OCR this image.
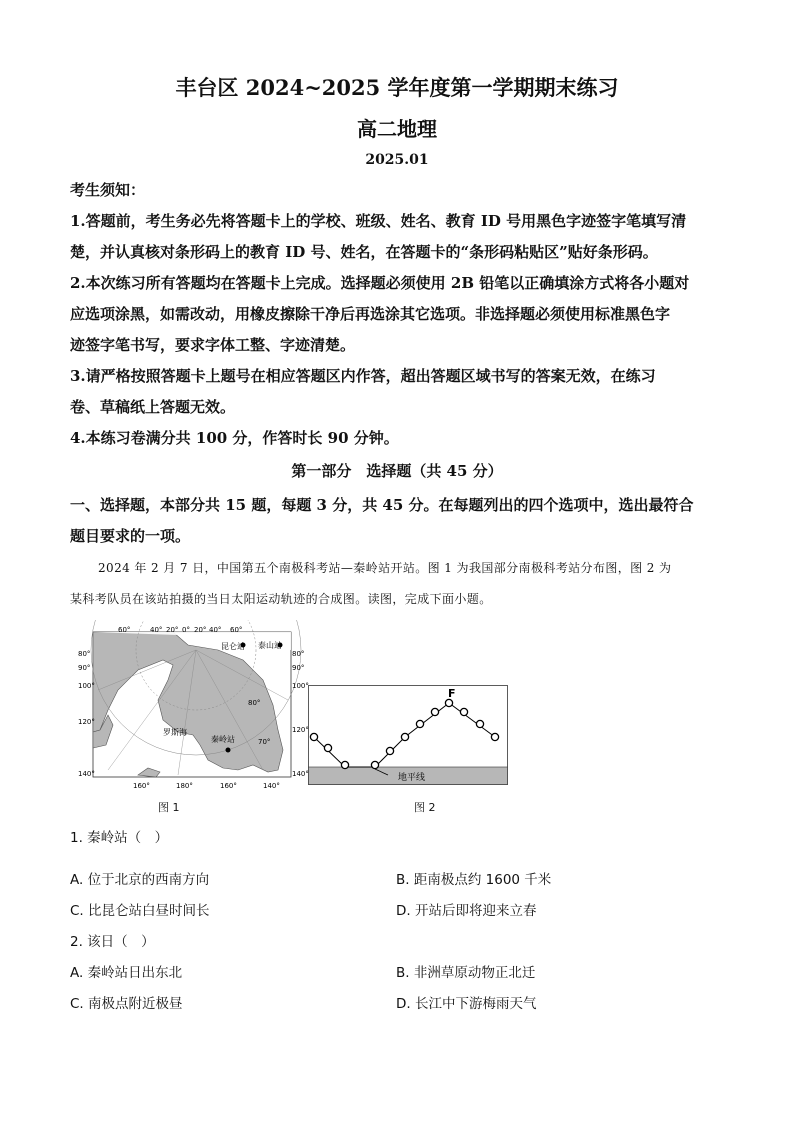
丰台区 2024~2025 学年度第一学期期末练习
高二地理
2025.01

考生须知：

1.答题前，考生务必先将答题卡上的学校、班级、姓名、教育 ID 号用黑色字迹签字笔填写清

楚，并认真核对条形码上的教育 ID 号、姓名，在答题卡的“条形码粘贴区”贴好条形码。

2.本次练习所有答题均在答题卡上完成。选择题必须使用 2B 铅笔以正确填涂方式将各小题对

应选项涂黑，如需改动，用橡皮擦除干净后再选涂其它选项。非选择题必须使用标准黑色字

迹签字笔书写，要求字体工整、字迹清楚。

3.请严格按照答题卡上题号在相应答题区内作答，超出答题区域书写的答案无效，在练习

卷、草稿纸上答题无效。

4.本练习卷满分共 100 分，作答时长 90 分钟。

第一部分　选择题（共 45 分）
一、选择题，本部分共 15 题，每题 3 分，共 45 分。在每题列出的四个选项中，选出最符合
题目要求的一项。
2024 年 2 月 7 日，中国第五个南极科考站—秦岭站开站。图 1 为我国部分南极科考站分布图，图 2 为
某科考队员在该站拍摄的当日太阳运动轨迹的合成图。读图，完成下面小题。
昆仑站 泰山站
秦岭站
罗斯海
60°	40° 20° 0° 20° 40° 60°
80°
90°
100°
120°
140°
80°
90°
100°
120°
140°
160°	180°	160°	140°
80°
70°
图 1
F
地平线
图 2
1. 秦岭站（　）
A. 位于北京的西南方向	B. 距南极点约 1600 千米
C. 比昆仑站白昼时间长	D. 开站后即将迎来立春
2. 该日（　）
A. 秦岭站日出东北	B. 非洲草原动物正北迁
C. 南极点附近极昼	D. 长江中下游梅雨天气
